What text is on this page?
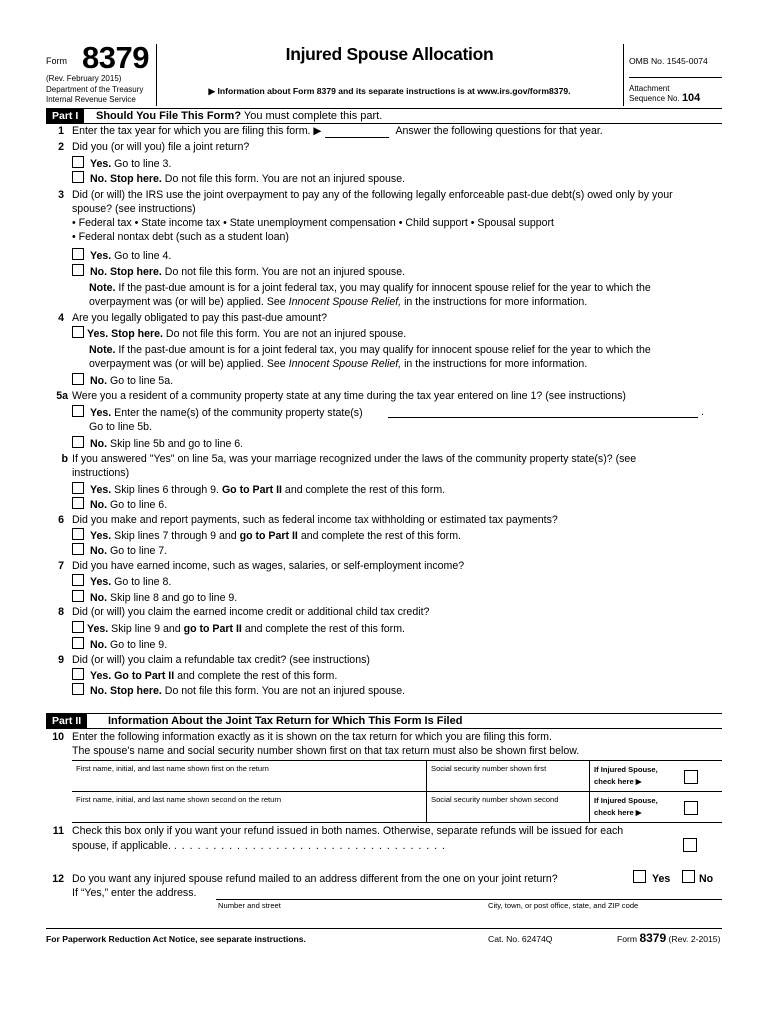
Form 8379
(Rev. February 2015)
Department of the Treasury
Internal Revenue Service
Injured Spouse Allocation
▶ Information about Form 8379 and its separate instructions is at www.irs.gov/form8379.
OMB No. 1545-0074
Attachment
Sequence No. 104
Part I	Should You File This Form? You must complete this part.
1 Enter the tax year for which you are filing this form. ▶	Answer the following questions for that year.
2 Did you (or will you) file a joint return?
Yes. Go to line 3.
No. Stop here. Do not file this form. You are not an injured spouse.
3 Did (or will) the IRS use the joint overpayment to pay any of the following legally enforceable past-due debt(s) owed only by your
spouse? (see instructions)
• Federal tax • State income tax • State unemployment compensation • Child support • Spousal support
• Federal nontax debt (such as a student loan)
Yes. Go to line 4.
No. Stop here. Do not file this form. You are not an injured spouse.
Note. If the past-due amount is for a joint federal tax, you may qualify for innocent spouse relief for the year to which the
overpayment was (or will be) applied. See Innocent Spouse Relief, in the instructions for more information.
4 Are you legally obligated to pay this past-due amount?
Yes. Stop here. Do not file this form. You are not an injured spouse.
Note. If the past-due amount is for a joint federal tax, you may qualify for innocent spouse relief for the year to which the
overpayment was (or will be) applied. See Innocent Spouse Relief, in the instructions for more information.
No. Go to line 5a.
5a Were you a resident of a community property state at any time during the tax year entered on line 1? (see instructions)
Yes. Enter the name(s) of the community property state(s)	.
Go to line 5b.
No. Skip line 5b and go to line 6.
b If you answered "Yes" on line 5a, was your marriage recognized under the laws of the community property state(s)? (see
instructions)
Yes. Skip lines 6 through 9. Go to Part II and complete the rest of this form.
No. Go to line 6.
6 Did you make and report payments, such as federal income tax withholding or estimated tax payments?
Yes. Skip lines 7 through 9 and go to Part II and complete the rest of this form.
No. Go to line 7.
7 Did you have earned income, such as wages, salaries, or self-employment income?
Yes. Go to line 8.
No. Skip line 8 and go to line 9.
8 Did (or will) you claim the earned income credit or additional child tax credit?
Yes. Skip line 9 and go to Part II and complete the rest of this form.
No. Go to line 9.
9 Did (or will) you claim a refundable tax credit? (see instructions)
Yes. Go to Part II and complete the rest of this form.
No. Stop here. Do not file this form. You are not an injured spouse.
Part II	Information About the Joint Tax Return for Which This Form Is Filed
10 Enter the following information exactly as it is shown on the tax return for which you are filing this form.
The spouse's name and social security number shown first on that tax return must also be shown first below.
First name, initial, and last name shown first on the return	Social security number shown first	If Injured Spouse,
check here ▶
First name, initial, and last name shown second on the return	Social security number shown second	If Injured Spouse,
check here ▶
11 Check this box only if you want your refund issued in both names. Otherwise, separate refunds will be issued for each
spouse, if applicable. . . . . . . . . . . . . . . . . . . . . . . . . . . . . . . . . . . .
12 Do you want any injured spouse refund mailed to an address different from the one on your joint return?	Yes	No
If “Yes,” enter the address.
Number and street	City, town, or post office, state, and ZIP code
For Paperwork Reduction Act Notice, see separate instructions.	Cat. No. 62474Q	Form 8379 (Rev. 2-2015)
